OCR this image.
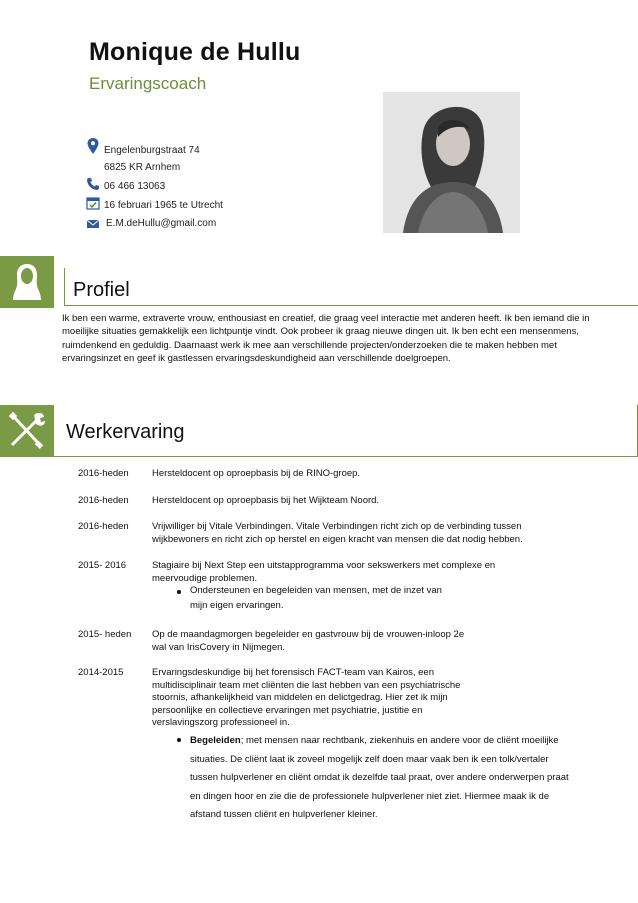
Monique de Hullu
Ervaringscoach
Engelenburgstraat 74
6825 KR Arnhem
06 466 13063
16 februari 1965 te Utrecht
E.M.deHullu@gmail.com
Profiel
Ik ben een warme, extraverte vrouw, enthousiast en creatief, die graag veel interactie met anderen heeft. Ik ben iemand die in moeilijke situaties gemakkelijk een lichtpuntje vindt. Ook probeer ik graag nieuwe dingen uit. Ik ben echt een mensenmens, ruimdenkend en geduldig. Daarnaast werk ik mee aan verschillende projecten/onderzoeken die te maken hebben met ervaringsinzet en geef ik gastlessen ervaringsdeskundigheid aan verschillende doelgroepen.
Werkervaring
2016-heden Hersteldocent op oproepbasis bij de RINO-groep.
2016-heden Hersteldocent op oproepbasis bij het Wijkteam Noord.
2016-heden Vrijwilliger bij Vitale Verbindingen. Vitale Verbindingen richt zich op de verbinding tussen wijkbewoners en richt zich op herstel en eigen kracht van mensen die dat nodig hebben.
2015- 2016	Stagiaire bij Next Step een uitstapprogramma voor sekswerkers met complexe en meervoudige problemen.
Ondersteunen en begeleiden van mensen, met de inzet van
mijn eigen ervaringen.
2015- heden Op de maandagmorgen begeleider en gastvrouw bij de vrouwen-inloop 2e wal van IrisCovery in Nijmegen.
2014-2015	Ervaringsdeskundige bij het forensisch FACT-team van Kairos, een multidisciplinair team met cliënten die last hebben van een psychiatrische stoornis, afhankelijkheid van middelen en delictgedrag. Hier zet ik mijn persoonlijke en collectieve ervaringen met psychiatrie, justitie en verslavingszorg professioneel in.
Begeleiden; met mensen naar rechtbank, ziekenhuis en andere voor de cliënt moeilijke situaties. De cliënt laat ik zoveel mogelijk zelf doen maar vaak ben ik een tolk/vertaler tussen hulpverlener en cliënt omdat ik dezelfde taal praat, over andere onderwerpen praat en dingen hoor en zie die de professionele hulpverlener niet ziet. Hiermee maak ik de afstand tussen cliënt en hulpverlener kleiner.
